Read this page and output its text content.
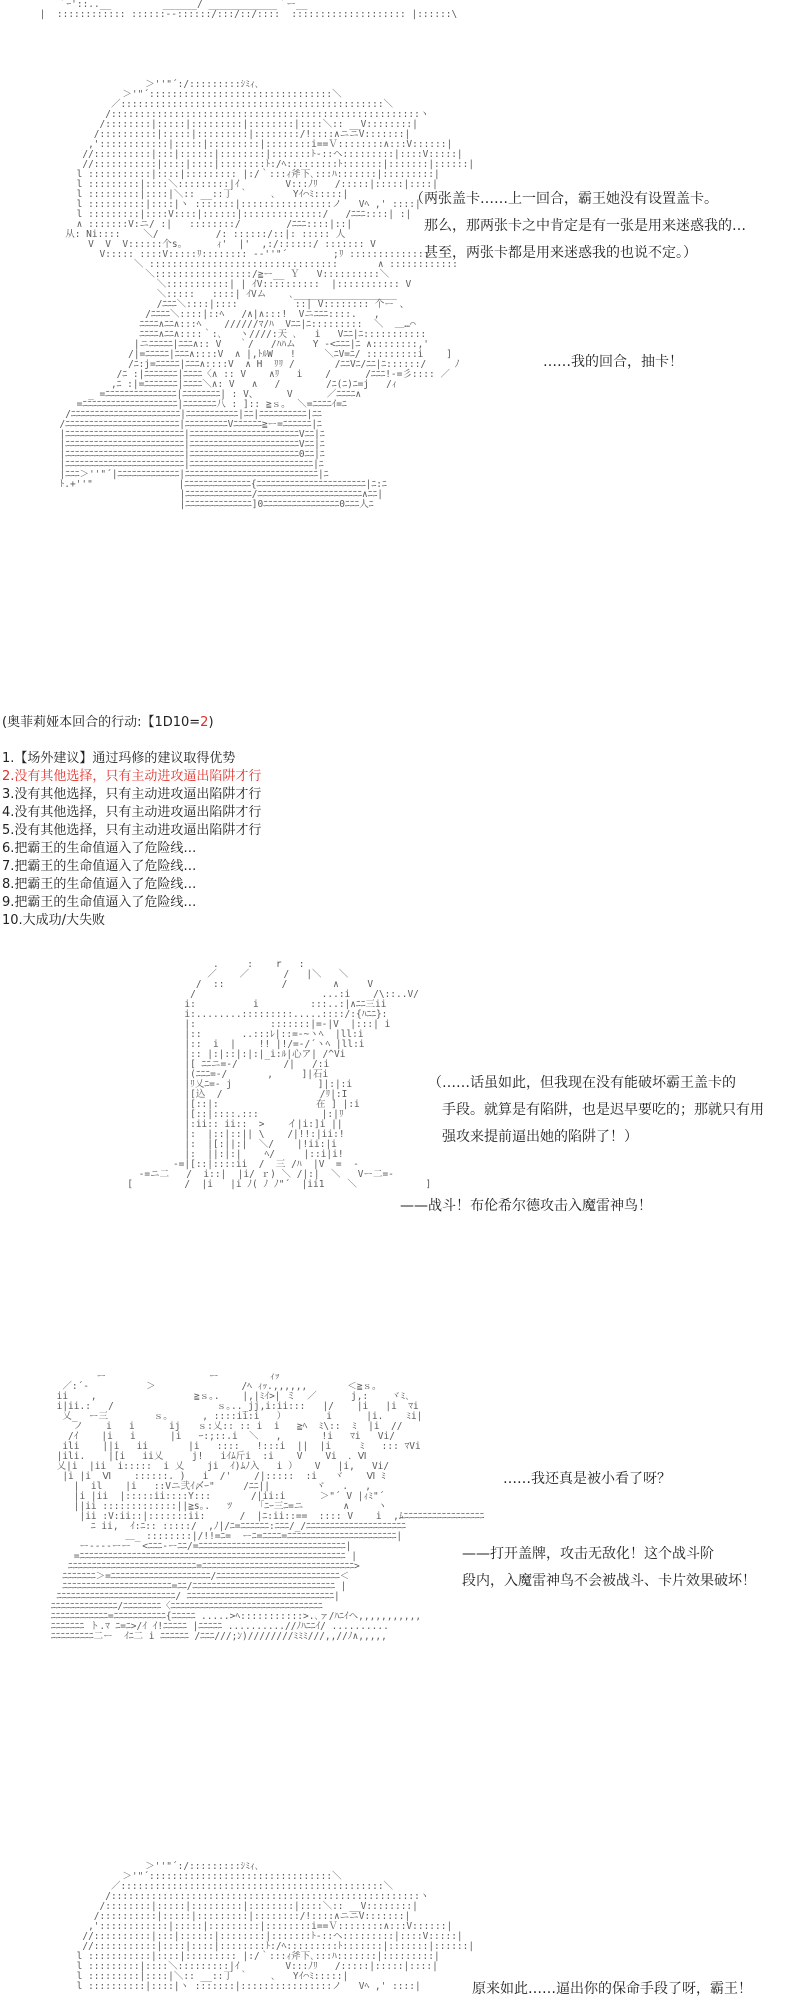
｀ｰ'::..__         ______/ ____________｀ー__
|  :::::::::::: ::::::--::::::/:::/::/::::  :::::::::::::::::::: |::::::\
＞''"´:/:::::::::ｼﾐｨ､
＞'"´::::::::::::::::::::::::::::::::＼
／::::::::::::::::::::::::::::::::::::::::::::::＼
/::::::::::::::::::::::::::::::::::::::::::::::::::::::ヽ
/::::::::|:::::|:::::::::|::::::::|::::＼:: __V::::::::|
/::::::::::|:::::|:::::::::|::::::::/!::::∧ニニV:::::::|
,'::::::::::::|:::::|:::::::::|::::::::i==Ｖ::::::::∧:::V::::::|
//::::::::::|:::|::::::|::::::::|:::::::ﾄ-::ヘ:::::::::|::::V:::::|
//:::::::::::|::::|::::|::::::::ﾄ:/ﾍ:::::::::ﾄ:::::::|:::::::|::::::|
l :::::::::::|::::|::::::::: |:/｀:::ｨ斧下､:::ﾊ:::::::|:::::::::|
l :::::::::|::::＼:::::::::|ｲ        V:::ﾉﾘ   /:::::|:::::|::::|
l :::::::::|::::|＼:: __::丁 ｀    ､   Yｲ⌒ﾐ:::::|
l ::::::::::|::::|ヽ :::::::|::::::::::::::::ノ   Vﾍ ,' ::::|
l :::::::::|::::V::::|::::::|::::::::::::::/   /ﾆﾆﾆ::::| :|
∧ :::::::V:ニ/ :|   ::::::::/        /ﾆﾆﾆ::::|::|
从: Ni::::    ＼/          /: ::::::/::|: ::::: 人
V  V  V::::::个s｡      ｨ'  |'  ,:/::::::/ ::::::: V
V::::: ::::V:::::ﾘ:::::::: -‐''"´        ;ﾘ ::::::::::::::
＼ :::::::::::::::::::::::::::::::::       ∧ ::::::::::::
＼:::::::::::::::::/≧ー__ Ｙ   V::::::::::＼
＼:::::::::::| | ｲV::::::::::  |::::::::::: V
＼:::::   ::::| ｲVム    ､__________________
/ﾆﾆﾆ＼::::|::::          ::| V:::::::: 个ー 、
/ﾆﾆﾆﾆ＼::::|::ﾍ   /∧|∧:::!  Vニﾆﾆﾆ::::.   ,
ﾆﾆﾆﾆ∧ﾆﾆ∧:::ﾍ    //////ﾏ/ﾊ  Vﾆﾆ|ﾆ:::::::::  ＼  ＿…⌒
ﾆﾆﾆﾆ∧ﾆﾆ∧::::｀:､   ヽ////:天 ､   i   Vﾆﾆ|ﾆ:::::::::::
|ニﾆﾆﾆﾆﾆ|ﾆﾆﾆ∧:: V   ｀/   /ﾊﾊム   Y -<ﾆﾆﾆ|ﾆ ∧::::::::,'
/|=ﾆﾆﾆﾆﾆ|ﾆﾆﾆ∧::::V  ∧ |,ﾄﾙW   !     ＼ﾆV=ﾆ/ :::::::::i    ]
/ﾆ:j=ﾆﾆﾆﾆﾆ|ﾆﾆﾆ∧::::V  ∧ H  ﾘﾘ /       /ﾆﾆVﾆ/ﾆﾆ|ﾆ::::::/     ﾉ
/ﾆ :|ﾆﾆﾆﾆﾆﾆﾆ|ﾆﾆﾆﾆ〈∧ :: V    ∧ﾘ   i    /      /ﾆﾆﾆ!-=彡:::: ／
,ﾆ :|=ﾆﾆﾆﾆﾆﾆﾆ|ﾆﾆﾆﾆ＼∧: V   ∧   /        /ﾆ(ﾆ)ﾆ=j   /ｨ
_ =ﾆﾆﾆﾆﾆﾆﾆﾆﾆﾆﾆﾆﾆﾆﾆ|ﾆﾆﾆﾆﾆﾆﾆﾆ| : V、     V      ／ﾆﾆﾆﾆ∧
=ﾆﾆﾆﾆﾆﾆﾆﾆﾆﾆﾆﾆﾆﾆﾆﾆﾆﾆﾆﾆ|ﾆﾆﾆﾆﾆﾆﾆ八 : ]:: ≧ｓ｡  ＼=ﾆﾆﾆﾆｲ=ﾆ
/ﾆﾆﾆﾆﾆﾆﾆﾆﾆﾆﾆﾆﾆﾆﾆﾆﾆﾆﾆﾆﾆﾆﾆ|ﾆﾆﾆﾆﾆﾆﾆﾆﾆﾆﾆ|ﾆﾆ|ﾆﾆﾆﾆﾆﾆﾆﾆﾆﾆ|ﾆﾆ
/ﾆﾆﾆﾆﾆﾆﾆﾆﾆﾆﾆﾆﾆﾆﾆﾆﾆﾆﾆﾆﾆﾆﾆﾆ|ﾆﾆﾆﾆﾆﾆﾆﾆﾆVﾆﾆﾆﾆﾆﾆ≧ー=ﾆﾆﾆﾆﾆﾆ|ﾆ
|ﾆﾆﾆﾆﾆﾆﾆﾆﾆﾆﾆﾆﾆﾆﾆﾆﾆﾆﾆﾆﾆﾆﾆﾆﾆ|ﾆﾆﾆﾆﾆﾆﾆﾆﾆﾆﾆﾆﾆﾆﾆﾆﾆﾆﾆﾆﾆﾆﾆVﾆﾆ|ﾆ
|ﾆﾆﾆﾆﾆﾆﾆﾆﾆﾆﾆﾆﾆﾆﾆﾆﾆﾆﾆﾆﾆﾆﾆﾆﾆ|ﾆﾆﾆﾆﾆﾆﾆﾆﾆﾆﾆﾆﾆﾆﾆﾆﾆﾆﾆﾆﾆﾆﾆVﾆﾆ|ﾆ
|ﾆﾆﾆﾆﾆﾆﾆﾆﾆﾆﾆﾆﾆﾆﾆﾆﾆﾆﾆﾆﾆﾆﾆﾆﾆ|ﾆﾆﾆﾆﾆﾆﾆﾆﾆﾆﾆﾆﾆﾆﾆﾆﾆﾆﾆﾆﾆﾆﾆ0ﾆﾆ|ﾆ
|ﾆﾆﾆﾆﾆﾆﾆﾆﾆﾆﾆﾆﾆﾆﾆﾆﾆﾆﾆﾆﾆﾆﾆﾆﾆ|ﾆﾆﾆﾆﾆﾆﾆﾆﾆﾆﾆﾆﾆﾆﾆﾆﾆﾆﾆﾆﾆﾆﾆﾆﾆﾆ|ﾆ
|ﾆﾆﾆ＞''"´|ﾆﾆﾆﾆﾆﾆﾆﾆﾆﾆﾆﾆﾆ|ﾆﾆﾆﾆﾆﾆﾆﾆﾆﾆﾆﾆﾆﾆﾆﾆﾆﾆﾆﾆﾆﾆﾆﾆﾆﾆﾆﾆ|ﾆ
ﾄ.+''"               |ﾆﾆﾆﾆﾆﾆﾆﾆﾆﾆﾆﾆﾆﾆ{ﾆﾆﾆﾆﾆﾆﾆﾆﾆﾆﾆﾆﾆﾆﾆﾆﾆﾆﾆﾆﾆﾆﾆ|ﾆ:ﾆ
|ﾆﾆﾆﾆﾆﾆﾆﾆﾆﾆﾆﾆﾆﾆ/ﾆﾆﾆﾆﾆﾆﾆﾆﾆﾆﾆﾆﾆﾆﾆﾆﾆﾆﾆﾆﾆﾆ∧ﾆﾆ|
|ﾆﾆﾆﾆﾆﾆﾆﾆﾆﾆﾆﾆﾆﾆ]0ﾆﾆﾆﾆﾆﾆﾆﾆﾆﾆﾆﾆﾆﾆﾆﾆ0ﾆﾆﾆ人ﾆ
（两张盖卡……上一回合，霸王她没有设置盖卡。
　那么，那两张卡之中肯定是有一张是用来迷惑我的…
　甚至，两张卡都是用来迷惑我的也说不定。）
……我的回合，抽卡！
(奥菲莉娅本回合的行动:【1D10=2)
1.【场外建议】通过玛修的建议取得优势
2.没有其他选择，只有主动进攻逼出陷阱才行
3.没有其他选择，只有主动进攻逼出陷阱才行
4.没有其他选择，只有主动进攻逼出陷阱才行
5.没有其他选择，只有主动进攻逼出陷阱才行
6.把霸王的生命值逼入了危险线…
7.把霸王的生命值逼入了危险线…
8.把霸王的生命值逼入了危险线…
9.把霸王的生命值逼入了危险线…
10.大成功/大失败
.     :    r   :
／    ／      /   |＼   ＼
/  ::          /        ∧     V
/                      ...:i    /\::..V/
i:          i         :::..:|∧ﾆﾆ三ii
i:........:::::::::.....::::/:{ﾊﾆﾆ}:
|:             :::::::|=-|V  |:::| i
|::       ..:::ﾚ|::=-~ヽﾍ  |ll:i
|::  i  |    !! |!/=-/´ヽﾍ |ll:i
|:: |:|::|:|:|_i:ﾙ|心ア| /^Vi
|[ ﾆﾆニ=-/        /|   /:i
|(ﾆﾆﾆ=-/       ,     ]|石i
|ﾘ乂ﾆ=- j               ]|:|:i
|[込  /                 /ﾘ|:I
|[::|:                 在 ] |:i
|[::|::::.:::           |:|ﾘ
|:ii:: ii::  >    イ|i:]i ||
|:  |::|::|| \    /|!!:|ii:!
|:  |[:||:|  ＼/    |!ii:|i
|:  ||:|:|    ﾍ/     |::i|i!
-=|[::|::::ii  /  三 /ﾊ  |V  =  -
-=ニ二   /  i::|  |i/ ｒ) ＼ /|:|  ＼   Vー二=-
[         /  |i   |i ﾉ( ﾉ ﾉ"´  |ii1    ＼            ]
（……话虽如此，但我现在没有能破坏霸王盖卡的
　手段。就算是有陷阱，也是迟早要吃的；那就只有用
　强攻来提前逼出她的陷阱了！）
——战斗！布伦希尔德攻击入魔雷神鸟！
ー                  ー         ｨｯ
／:´‐          ＞               /ﾍ ｨｯ.,,,,,,       ＜≧ｓ｡
ii    ,                 ≧ｓ｡.    |,|ﾐｲ>| ミ  ／      j,:    ヾﾐ､
i|ii.:   /                  ｓ｡.._jj,i:ii:::   |/    |i   |i  ﾏi
乂_  ー三        ｓ｡      , ::::ii:i   ）       i      |i.    ﾐi|
ノ    i   i      ij   ｓ:乂:: :: i  i   ≧ﾍ  ﾐ\::  ﾐ  |i  //
/ｲ    |i   i      |i   ｰ:;::.i  ＼   ,       !i   ﾏi   Vi/
ili    ||i   ii       |i   ::::   !:::i  ||  |i     ﾐ   ::: ﾏVi
|ili.    |[i   ii乂     j!   iｲﾑ斤i  :i    V    Vi  ．Ⅵ
乂|i  |ii  i:::::  i 乂    ji  ｲ)ﾑﾉ入   i ）   V   |i,   Vi/
|i |i  Ⅵ    ::::::. )   i  /'    /|:::::  :i   ヾ    Ⅵ ﾐ
|  il    |i   ::Vニ弐ｲ〆ｰ"     /ﾆﾆ||        ヾ   .   ,
|i |ii  |:::::ii::::Y:::       /|ii:i      ＞"´ V |ｨﾐ"´
||ii :::::::::::::||≧s｡.   ﾂ    「ﾆｰ三ﾆ=ニ       ∧     ヽ
|ii :V:ii::|:::::::ii:      /  |ﾆ:ii::==  :::: V    i  ,ﾑﾆﾆﾆﾆﾆﾆﾆﾆﾆﾆﾆﾆﾆﾆﾆﾆﾆ
ﾆ ii,  ｲ:ﾆ:: :::::/  ,ﾉ|/ﾆ=ﾆﾆﾆﾆﾆﾆ:ﾆﾆﾆ/_/ﾆﾆﾆﾆﾆﾆﾆﾆﾆﾆﾆﾆﾆﾆﾆﾆﾆﾆﾆﾆﾆ
＿_ ::::::::|/!!=ﾆ=  ーﾆ=ﾆﾆﾆﾆ=ﾆﾆﾆﾆﾆﾆﾆﾆﾆﾆﾆﾆﾆﾆﾆﾆﾆﾆﾆﾆﾆﾆﾆ|
ー‐‐‐‐ーー  <ﾆﾆﾆ-ーﾆﾆ/=ﾆﾆﾆﾆﾆﾆﾆﾆﾆﾆﾆﾆﾆﾆﾆﾆﾆﾆﾆﾆﾆﾆﾆﾆﾆﾆﾆﾆﾆﾆﾆ|
=ﾆﾆﾆﾆﾆﾆﾆﾆﾆﾆﾆﾆﾆﾆﾆﾆﾆﾆﾆﾆﾆﾆﾆﾆﾆﾆﾆﾆﾆﾆﾆﾆﾆﾆﾆﾆﾆﾆﾆﾆﾆﾆﾆﾆﾆﾆﾆﾆﾆﾆﾆﾆﾆﾆﾆﾆ |
ﾆﾆﾆﾆﾆﾆﾆﾆﾆﾆﾆﾆﾆﾆﾆﾆﾆﾆﾆﾆﾆﾆﾆﾆﾆﾆﾆ=ﾆﾆﾆﾆﾆﾆﾆﾆﾆﾆﾆﾆﾆﾆﾆﾆﾆﾆﾆﾆﾆﾆﾆﾆﾆﾆﾆﾆﾆﾆﾆﾆ>
ﾆﾆﾆﾆﾆﾆﾆ＞=ﾆﾆﾆﾆﾆﾆﾆﾆﾆﾆﾆﾆﾆﾆﾆﾆﾆﾆﾆﾆﾆ/ﾆﾆﾆﾆﾆﾆﾆﾆﾆﾆﾆﾆﾆﾆﾆﾆﾆﾆﾆﾆﾆﾆﾆﾆﾆﾆ＜
ﾆﾆﾆﾆﾆﾆﾆﾆﾆﾆﾆﾆﾆﾆﾆﾆﾆﾆﾆﾆﾆﾆﾆ=ﾆﾆ/ﾆﾆﾆﾆﾆﾆﾆﾆﾆﾆﾆﾆﾆﾆﾆﾆﾆﾆﾆﾆﾆﾆﾆﾆﾆﾆﾆﾆﾆﾆ |
ﾆﾆﾆﾆﾆﾆﾆﾆﾆﾆﾆﾆﾆﾆﾆﾆﾆﾆﾆﾆﾆﾆﾆﾆﾆ/ ﾆﾆﾆﾆﾆﾆﾆﾆﾆﾆﾆﾆﾆﾆﾆﾆﾆﾆﾆﾆﾆﾆﾆﾆﾆﾆﾆﾆﾆﾆﾆ|
ﾆﾆﾆﾆﾆﾆﾆﾆﾆﾆﾆﾆﾆﾆ/ﾆﾆﾆﾆﾆﾆﾆﾆ〈ﾆﾆﾆﾆﾆﾆﾆﾆﾆﾆﾆﾆﾆﾆﾆﾆﾆﾆﾆﾆﾆﾆﾆﾆﾆﾆﾆﾆﾆﾆﾆﾆ
ﾆﾆﾆﾆﾆﾆﾆﾆﾆﾆﾆﾆ=ﾆﾆﾆﾆﾆﾆﾆﾆﾆﾆﾆ{ﾆﾆﾆﾆﾆ .....>ﾍ:::::::::::>.､ァ/ﾊﾆｲヘ,,,,,,,,,,,
ﾆﾆﾆﾆﾆﾆﾆ ト.ﾏ ﾆ=ﾆ>/ｲ ｲ!ﾆﾆﾆﾆﾆ |ﾆﾆﾆﾆﾆ ..........//ﾉﾊﾆﾆｲ/ ..........
ﾆﾆﾆﾆﾆﾆﾆﾆﾆ二ー  ｲﾆ二 i ﾆﾆﾆﾆﾆﾆ /ﾆﾆﾆ///;ﾝ)////////ﾐﾐﾐ///,,//ﾉ∧,,,,,
……我还真是被小看了呀？
——打开盖牌，攻击无敌化！这个战斗阶
段内，入魔雷神鸟不会被战斗、卡片效果破坏！
＞''"´:/:::::::::ｼﾐｨ､
＞'"´::::::::::::::::::::::::::::::::＼
／::::::::::::::::::::::::::::::::::::::::::::::＼
/::::::::::::::::::::::::::::::::::::::::::::::::::::::ヽ
/::::::::|:::::|:::::::::|::::::::|::::＼:: __V::::::::|
/::::::::::|:::::|:::::::::|::::::::/!::::∧ニニV:::::::|
,'::::::::::::|:::::|:::::::::|::::::::i==Ｖ::::::::∧:::V::::::|
//::::::::::|:::|::::::|::::::::|:::::::ﾄ-::ヘ:::::::::|::::V:::::|
//:::::::::::|::::|::::|::::::::ﾄ:/ﾍ:::::::::ﾄ:::::::|:::::::|::::::|
l :::::::::::|::::|::::::::: |:/｀:::ｨ斧下､:::ﾊ:::::::|:::::::::|
l :::::::::|::::＼:::::::::|ｲ        V:::ﾉﾘ   /:::::|:::::|::::|
l :::::::::|::::|＼:: __::丁 ｀    ､   Yｲ⌒ﾐ:::::|
l ::::::::::|::::|ヽ :::::::|::::::::::::::::ノ   Vﾍ ,' ::::|	原来如此……逼出你的保命手段了呀，霸王！
